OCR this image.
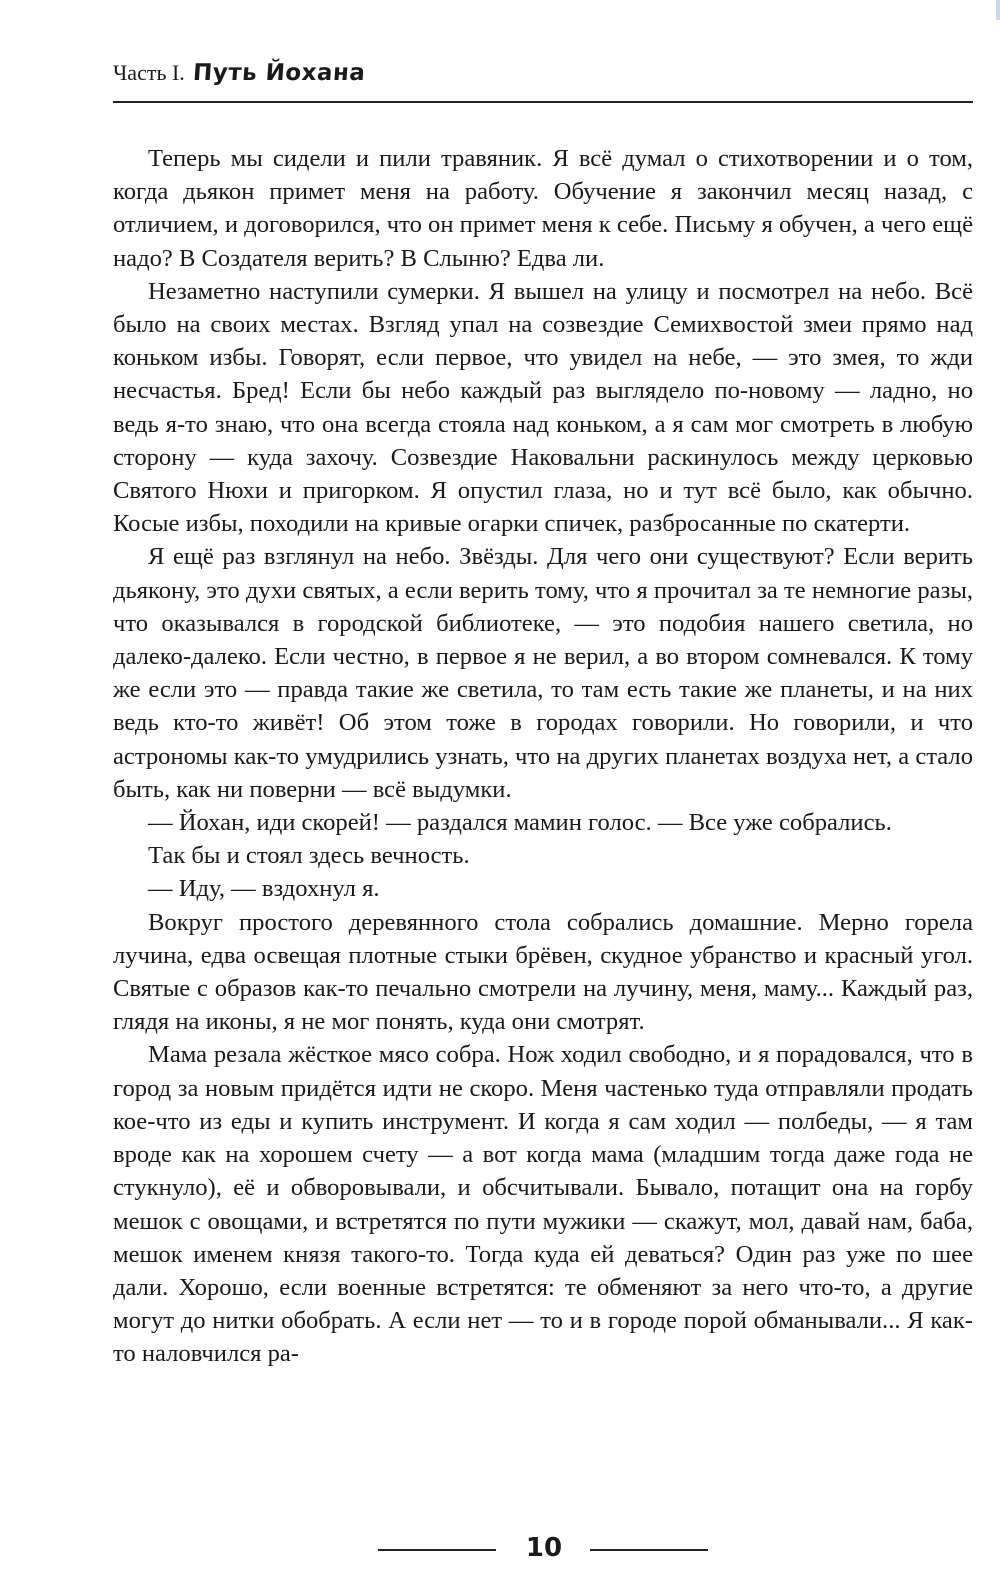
Часть I. Путь Йохана

Теперь мы сидели и пили травяник. Я всё думал о стихотворении и о том, когда дьякон примет меня на работу. Обучение я закончил месяц назад, с отличием, и договорился, что он примет меня к себе. Письму я обучен, а чего ещё надо? В Создателя верить? В Слыню? Едва ли.

Незаметно наступили сумерки. Я вышел на улицу и посмотрел на небо. Всё было на своих местах. Взгляд упал на созвездие Семихвостой змеи прямо над коньком избы. Говорят, если первое, что увидел на небе, — это змея, то жди несчастья. Бред! Если бы небо каждый раз выглядело по-новому — ладно, но ведь я-то знаю, что она всегда стояла над коньком, а я сам мог смотреть в любую сторону — куда захочу. Созвездие Наковальни раскинулось между церковью Святого Нюхи и пригорком. Я опустил глаза, но и тут всё было, как обычно. Косые избы, походили на кривые огарки спичек, разбросанные по скатерти.

Я ещё раз взглянул на небо. Звёзды. Для чего они существуют? Если верить дьякону, это духи святых, а если верить тому, что я прочитал за те немногие разы, что оказывался в городской библиотеке, — это подобия нашего светила, но далеко-далеко. Если честно, в первое я не верил, а во втором сомневался. К тому же если это — правда такие же светила, то там есть такие же планеты, и на них ведь кто-то живёт! Об этом тоже в городах говорили. Но говорили, и что астрономы как-то умудрились узнать, что на других планетах воздуха нет, а стало быть, как ни поверни — всё выдумки.

— Йохан, иди скорей! — раздался мамин голос. — Все уже собрались.

Так бы и стоял здесь вечность.

— Иду, — вздохнул я.

Вокруг простого деревянного стола собрались домашние. Мерно горела лучина, едва освещая плотные стыки брёвен, скудное убранство и красный угол. Святые с образов как-то печально смотрели на лучину, меня, маму... Каждый раз, глядя на иконы, я не мог понять, куда они смотрят.

Мама резала жёсткое мясо собра. Нож ходил свободно, и я порадовался, что в город за новым придётся идти не скоро. Меня частенько туда отправляли продать кое-что из еды и купить инструмент. И когда я сам ходил — полбеды, — я там вроде как на хорошем счету — а вот когда мама (младшим тогда даже года не стукнуло), её и обворовывали, и обсчитывали. Бывало, потащит она на горбу мешок с овощами, и встретятся по пути мужики — скажут, мол, давай нам, баба, мешок именем князя такого-то. Тогда куда ей деваться? Один раз уже по шее дали. Хорошо, если военные встретятся: те обменяют за него что-то, а другие могут до нитки обобрать. А если нет — то и в городе порой обманывали... Я как-то наловчился ра-

10
